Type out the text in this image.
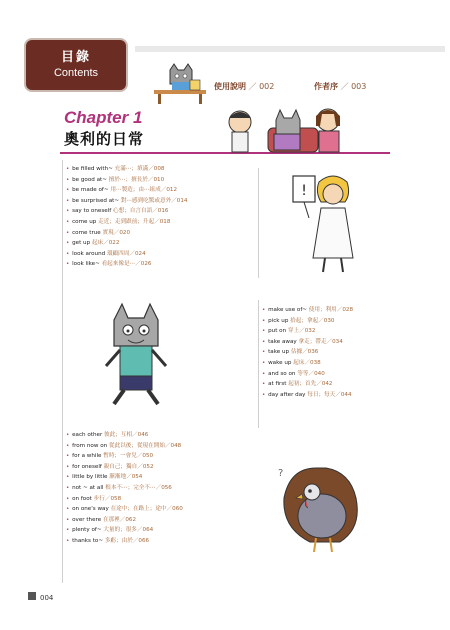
目錄
Contents
使用說明 ／ 002	作者序 ／ 003
Chapter 1
奧利的日常
• be filled with~ 充滿⋯；填滿／008
• be good at~ 擅於⋯；擅長於／010
• be made of~ 用⋯製造；由⋯組成／012
• be surprised at~ 對⋯感到吃驚或意外／014
• say to oneself 心想；自言自語／016
• come up 走近；走到跟前；升起／018
• come true 實現／020
• get up 起床／022
• look around 環顧四周／024
• look like~ 看起來像是⋯／026
!
• make use of~ 使用；利用／028
• pick up 拾起；拿起／030
• put on 穿上／032
• take away 拿走；帶走／034
• take up 佔據／036
• wake up 起床／038
• and so on 等等／040
• at first 起初；首先／042
• day after day 每日；每天／044
• each other 彼此；互相／046
• from now on 從此以後；從現在開始／048
• for a while 暫時；一會兒／050
• for oneself 親自己；獨自／052
• little by little 漸漸地／054
• not ~ at all 根本不⋯；完全不⋯／056
• on foot 步行／058
• on one's way 在途中；在路上；途中／060
• over there 在那裡／062
• plenty of~ 大量的；很多／064
• thanks to~ 多虧；由於／066
?
004
